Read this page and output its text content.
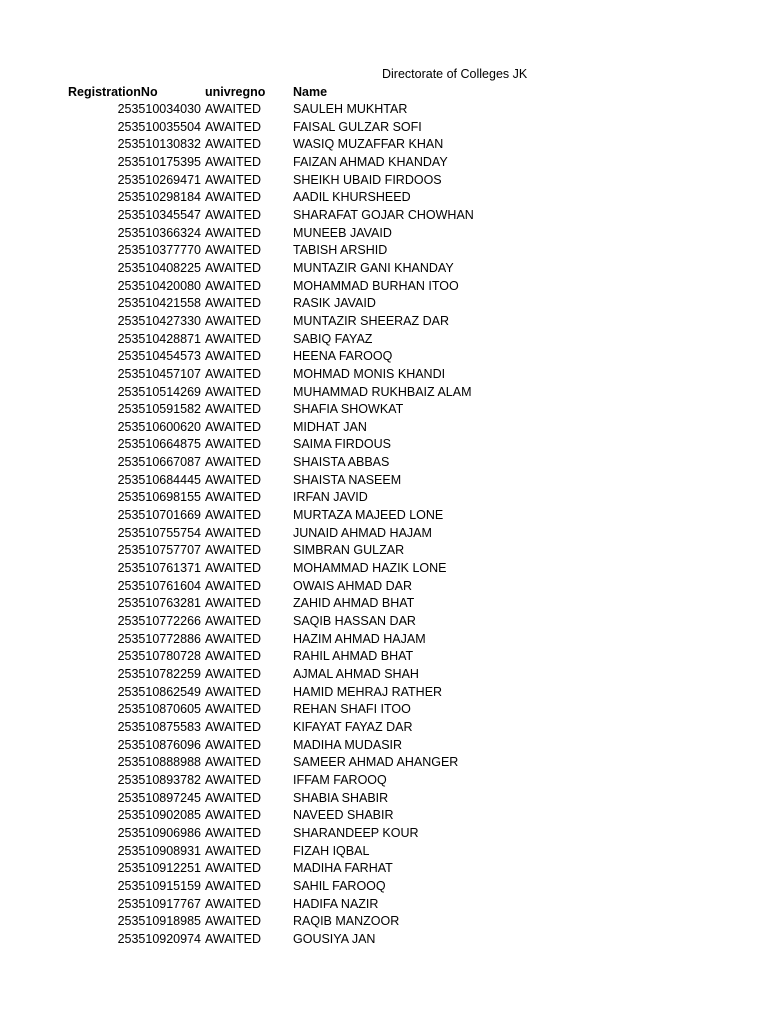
Directorate of Colleges JK
RegistrationNo	univregno Name
253510034030 AWAITED	SAULEH MUKHTAR
253510035504 AWAITED	FAISAL GULZAR SOFI
253510130832 AWAITED	WASIQ MUZAFFAR KHAN
253510175395 AWAITED	FAIZAN AHMAD KHANDAY
253510269471 AWAITED	SHEIKH UBAID FIRDOOS
253510298184 AWAITED	AADIL KHURSHEED
253510345547 AWAITED	SHARAFAT GOJAR CHOWHAN
253510366324 AWAITED	MUNEEB JAVAID
253510377770 AWAITED	TABISH ARSHID
253510408225 AWAITED	MUNTAZIR GANI KHANDAY
253510420080 AWAITED	MOHAMMAD BURHAN ITOO
253510421558 AWAITED	RASIK JAVAID
253510427330 AWAITED	MUNTAZIR SHEERAZ DAR
253510428871 AWAITED	SABIQ FAYAZ
253510454573 AWAITED	HEENA FAROOQ
253510457107 AWAITED	MOHMAD MONIS KHANDI
253510514269 AWAITED	MUHAMMAD RUKHBAIZ ALAM
253510591582 AWAITED	SHAFIA SHOWKAT
253510600620 AWAITED	MIDHAT JAN
253510664875 AWAITED	SAIMA FIRDOUS
253510667087 AWAITED	SHAISTA ABBAS
253510684445 AWAITED	SHAISTA NASEEM
253510698155 AWAITED	IRFAN JAVID
253510701669 AWAITED	MURTAZA MAJEED LONE
253510755754 AWAITED	JUNAID AHMAD HAJAM
253510757707 AWAITED	SIMBRAN GULZAR
253510761371 AWAITED	MOHAMMAD HAZIK LONE
253510761604 AWAITED	OWAIS AHMAD DAR
253510763281 AWAITED	ZAHID AHMAD BHAT
253510772266 AWAITED	SAQIB HASSAN DAR
253510772886 AWAITED	HAZIM AHMAD HAJAM
253510780728 AWAITED	RAHIL AHMAD BHAT
253510782259 AWAITED	AJMAL AHMAD SHAH
253510862549 AWAITED	HAMID MEHRAJ RATHER
253510870605 AWAITED	REHAN SHAFI ITOO
253510875583 AWAITED	KIFAYAT FAYAZ DAR
253510876096 AWAITED	MADIHA MUDASIR
253510888988 AWAITED	SAMEER AHMAD AHANGER
253510893782 AWAITED	IFFAM FAROOQ
253510897245 AWAITED	SHABIA SHABIR
253510902085 AWAITED	NAVEED SHABIR
253510906986 AWAITED	SHARANDEEP KOUR
253510908931 AWAITED	FIZAH IQBAL
253510912251 AWAITED	MADIHA FARHAT
253510915159 AWAITED	SAHIL FAROOQ
253510917767 AWAITED	HADIFA NAZIR
253510918985 AWAITED	RAQIB MANZOOR
253510920974 AWAITED	GOUSIYA JAN
